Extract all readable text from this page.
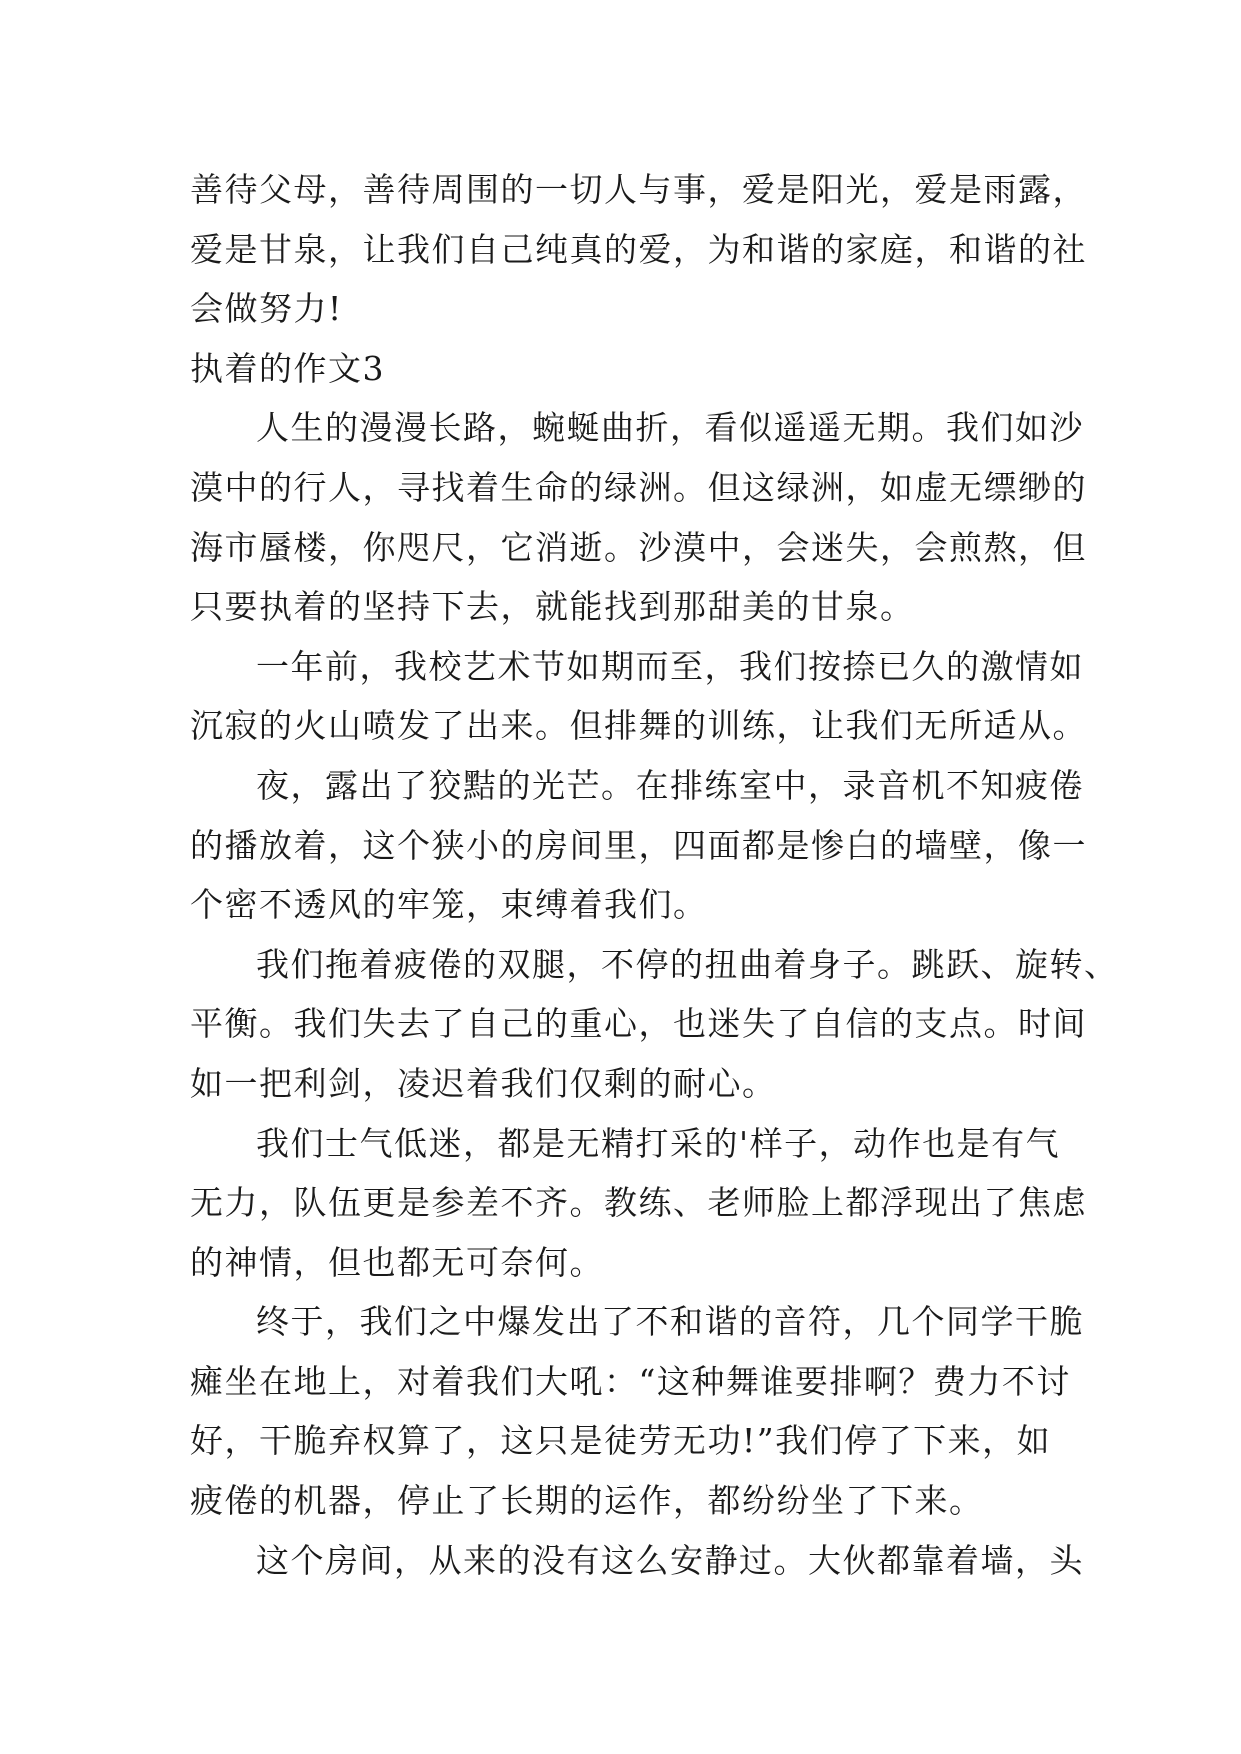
善待父母，善待周围的一切人与事，爱是阳光，爱是雨露，
爱是甘泉，让我们自己纯真的爱，为和谐的家庭，和谐的社
会做努力!
执着的作文3
人生的漫漫长路，蜿蜒曲折，看似遥遥无期。我们如沙
漠中的行人，寻找着生命的绿洲。但这绿洲，如虚无缥缈的
海市蜃楼，你咫尺，它消逝。沙漠中，会迷失，会煎熬，但
只要执着的坚持下去，就能找到那甜美的甘泉。
一年前，我校艺术节如期而至，我们按捺已久的激情如
沉寂的火山喷发了出来。但排舞的训练，让我们无所适从。
夜，露出了狡黠的光芒。在排练室中，录音机不知疲倦
的播放着，这个狭小的房间里，四面都是惨白的墙壁，像一
个密不透风的牢笼，束缚着我们。
我们拖着疲倦的双腿，不停的扭曲着身子。跳跃、旋转、
平衡。我们失去了自己的重心，也迷失了自信的支点。时间
如一把利剑，凌迟着我们仅剩的耐心。
我们士气低迷，都是无精打采的'样子，动作也是有气
无力，队伍更是参差不齐。教练、老师脸上都浮现出了焦虑
的神情，但也都无可奈何。
终于，我们之中爆发出了不和谐的音符，几个同学干脆
瘫坐在地上，对着我们大吼：“这种舞谁要排啊？费力不讨
好，干脆弃权算了，这只是徒劳无功!”我们停了下来，如
疲倦的机器，停止了长期的运作，都纷纷坐了下来。
这个房间，从来的没有这么安静过。大伙都靠着墙，头
